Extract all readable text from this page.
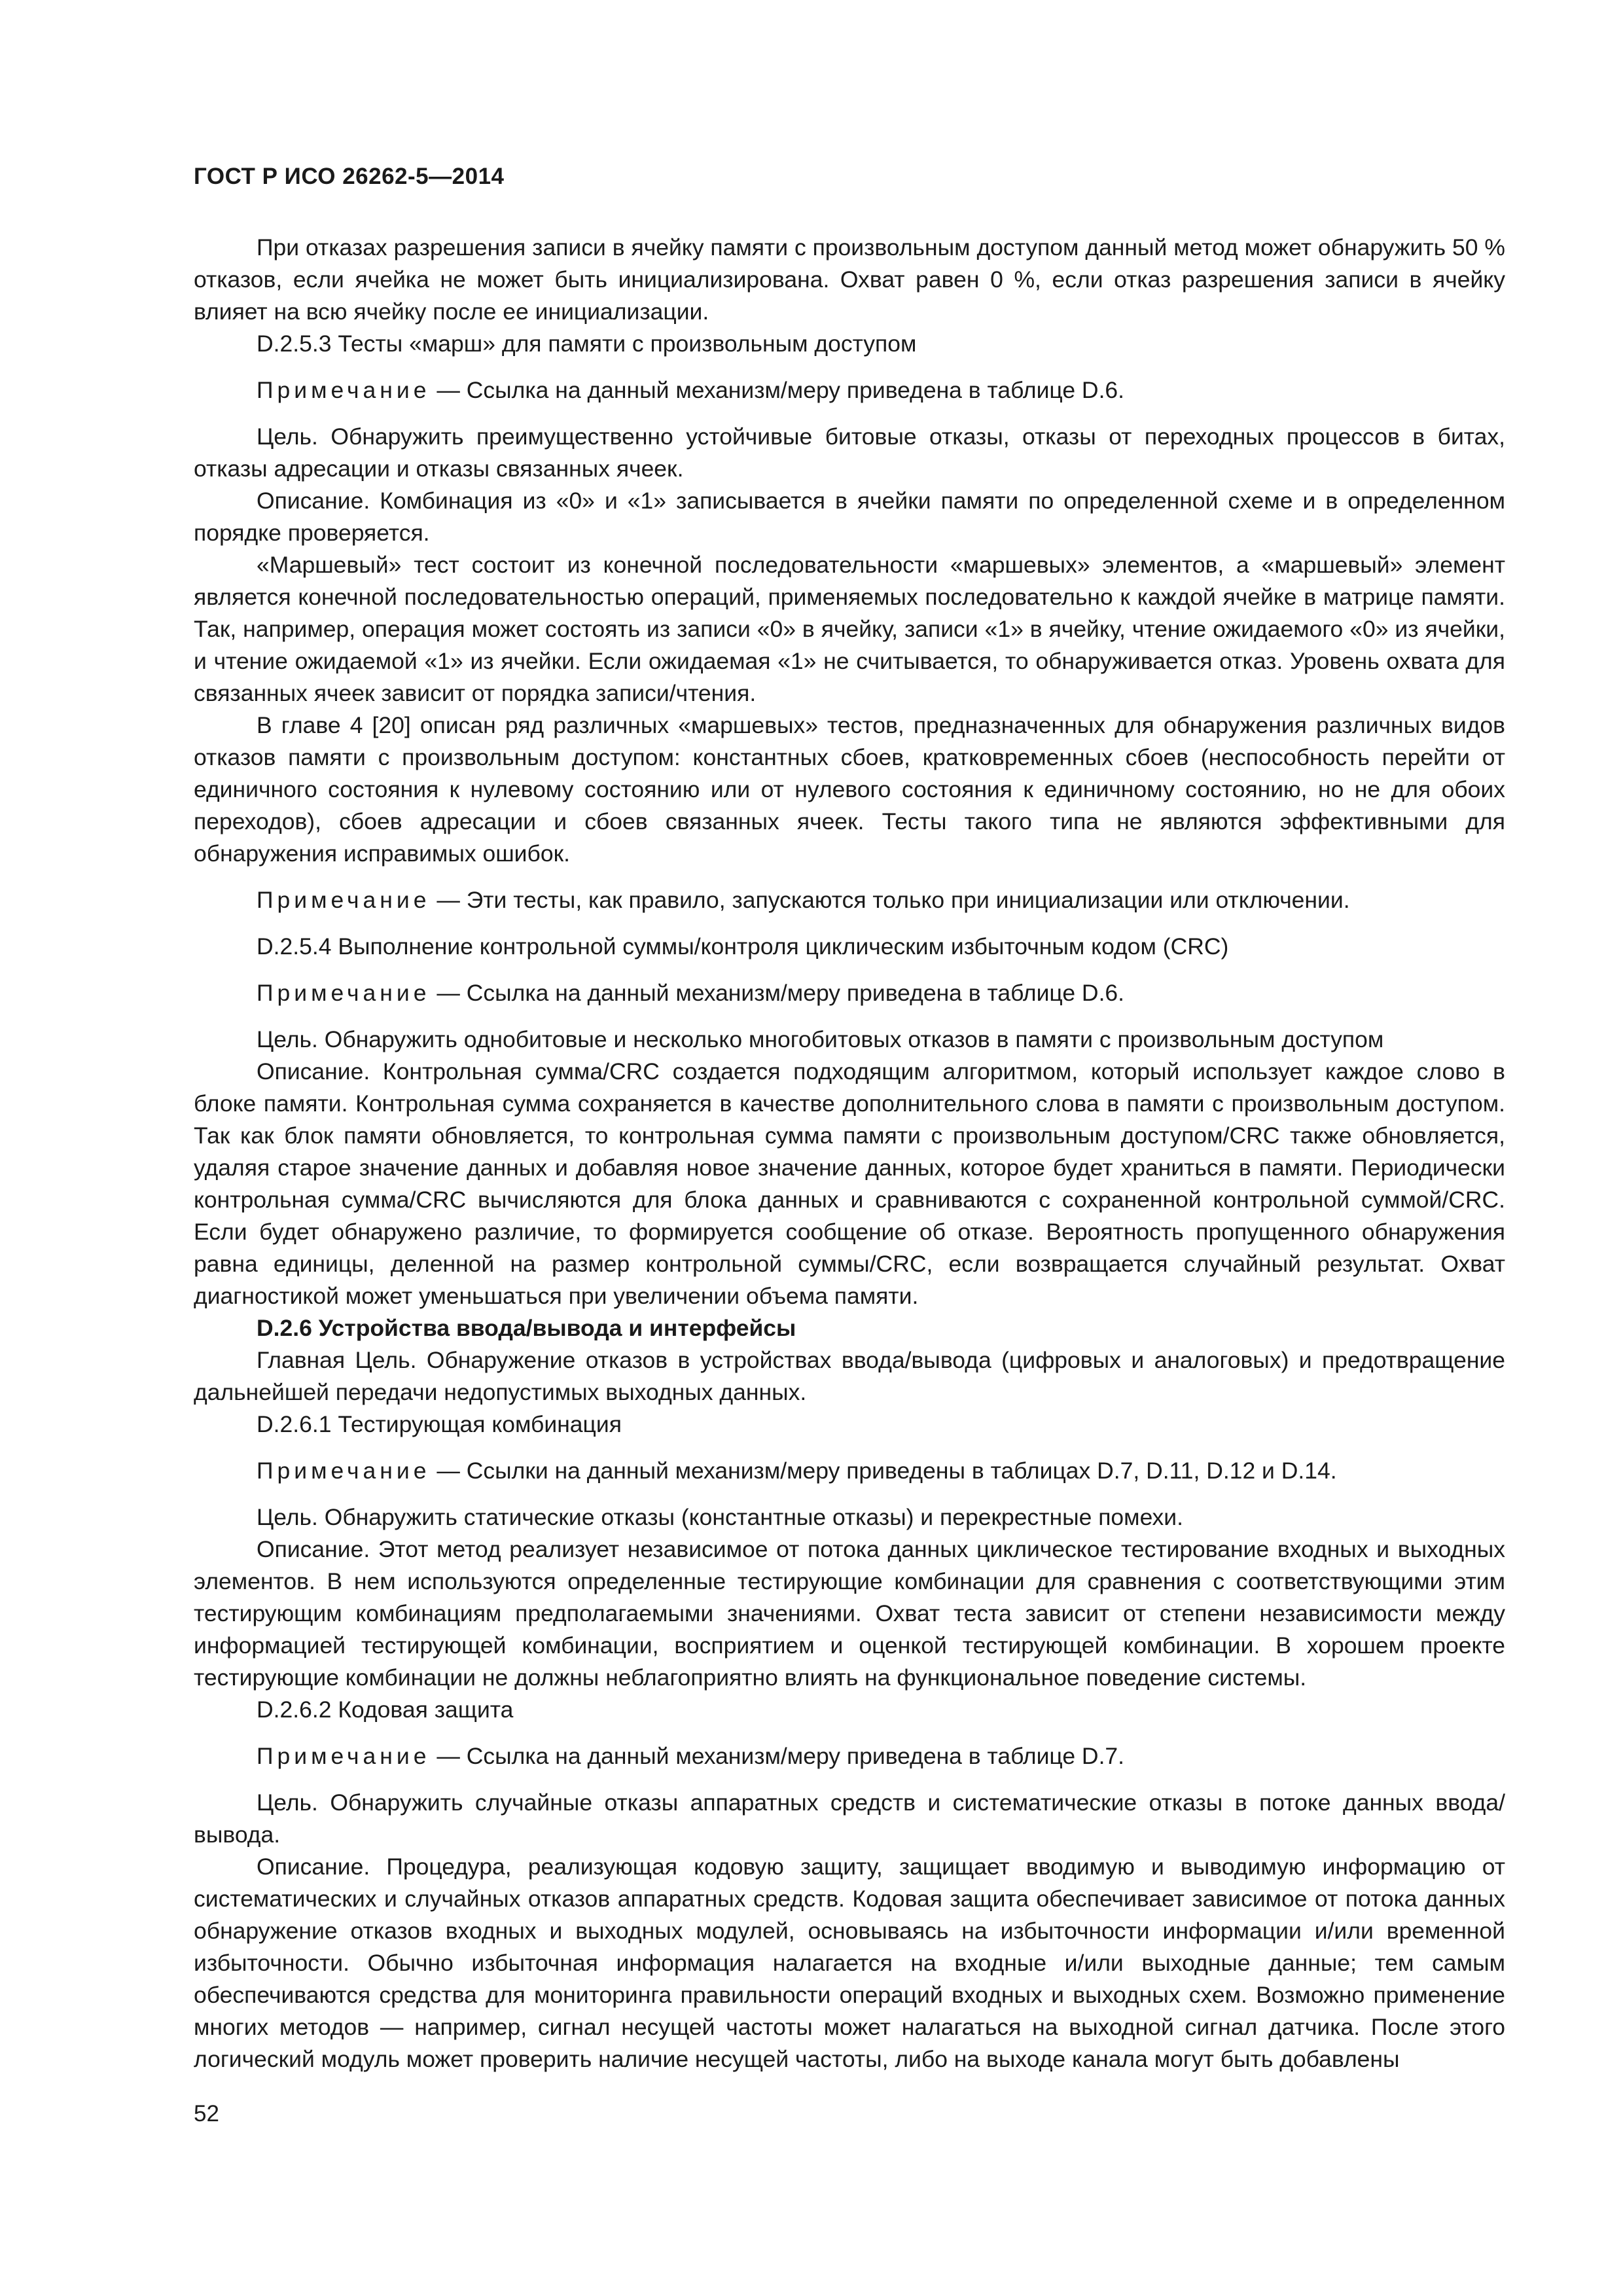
ГОСТ Р ИСО 26262-5—2014

При отказах разрешения записи в ячейку памяти с произвольным доступом данный метод может обнаружить 50 % отказов, если ячейка не может быть инициализирована. Охват равен 0 %, если отказ разрешения записи в ячейку влияет на всю ячейку после ее инициализации.

D.2.5.3 Тесты «марш» для памяти с произвольным доступом

Примечание — Ссылка на данный механизм/меру приведена в таблице D.6.

Цель. Обнаружить преимущественно устойчивые битовые отказы, отказы от переходных процессов в битах, отказы адресации и отказы связанных ячеек.

Описание. Комбинация из «0» и «1» записывается в ячейки памяти по определенной схеме и в определенном порядке проверяется.

«Маршевый» тест состоит из конечной последовательности «маршевых» элементов, а «маршевый» элемент является конечной последовательностью операций, применяемых последовательно к каждой ячейке в матрице памяти. Так, например, операция может состоять из записи «0» в ячейку, записи «1» в ячейку, чтение ожидаемого «0» из ячейки, и чтение ожидаемой «1» из ячейки. Если ожидаемая «1» не считывается, то обнаруживается отказ. Уровень охвата для связанных ячеек зависит от порядка записи/чтения.

В главе 4 [20] описан ряд различных «маршевых» тестов, предназначенных для обнаружения различных видов отказов памяти с произвольным доступом: константных сбоев, кратковременных сбоев (неспособность перейти от единичного состояния к нулевому состоянию или от нулевого состояния к единичному состоянию, но не для обоих переходов), сбоев адресации и сбоев связанных ячеек. Тесты такого типа не являются эффективными для обнаружения исправимых ошибок.

Примечание — Эти тесты, как правило, запускаются только при инициализации или отключении.

D.2.5.4 Выполнение контрольной суммы/контроля циклическим избыточным кодом (CRC)

Примечание — Ссылка на данный механизм/меру приведена в таблице D.6.

Цель. Обнаружить однобитовые и несколько многобитовых отказов в памяти с произвольным доступом

Описание. Контрольная сумма/CRC создается подходящим алгоритмом, который использует каждое слово в блоке памяти. Контрольная сумма сохраняется в качестве дополнительного слова в памяти с произвольным доступом. Так как блок памяти обновляется, то контрольная сумма памяти с произвольным доступом/CRC также обновляется, удаляя старое значение данных и добавляя новое значение данных, которое будет храниться в памяти. Периодически контрольная сумма/CRC вычисляются для блока данных и сравниваются с сохраненной контрольной суммой/CRC. Если будет обнаружено различие, то формируется сообщение об отказе. Вероятность пропущенного обнаружения равна единицы, деленной на размер контрольной суммы/CRC, если возвращается случайный результат. Охват диагностикой может уменьшаться при увеличении объема памяти.

D.2.6 Устройства ввода/вывода и интерфейсы

Главная Цель. Обнаружение отказов в устройствах ввода/вывода (цифровых и аналоговых) и предотвращение дальнейшей передачи недопустимых выходных данных.

D.2.6.1 Тестирующая комбинация

Примечание — Ссылки на данный механизм/меру приведены в таблицах D.7, D.11, D.12 и D.14.

Цель. Обнаружить статические отказы (константные отказы) и перекрестные помехи.

Описание. Этот метод реализует независимое от потока данных циклическое тестирование входных и выходных элементов. В нем используются определенные тестирующие комбинации для сравнения с соответствующими этим тестирующим комбинациям предполагаемыми значениями. Охват теста зависит от степени независимости между информацией тестирующей комбинации, восприятием и оценкой тестирующей комбинации. В хорошем проекте тестирующие комбинации не должны неблагоприятно влиять на функциональное поведение системы.

D.2.6.2 Кодовая защита

Примечание — Ссылка на данный механизм/меру приведена в таблице D.7.

Цель. Обнаружить случайные отказы аппаратных средств и систематические отказы в потоке данных ввода/вывода.

Описание. Процедура, реализующая кодовую защиту, защищает вводимую и выводимую информацию от систематических и случайных отказов аппаратных средств. Кодовая защита обеспечивает зависимое от потока данных обнаружение отказов входных и выходных модулей, основываясь на избыточности информации и/или временной избыточности. Обычно избыточная информация налагается на входные и/или выходные данные; тем самым обеспечиваются средства для мониторинга правильности операций входных и выходных схем. Возможно применение многих методов — например, сигнал несущей частоты может налагаться на выходной сигнал датчика. После этого логический модуль может проверить наличие несущей частоты, либо на выходе канала могут быть добавлены

52
